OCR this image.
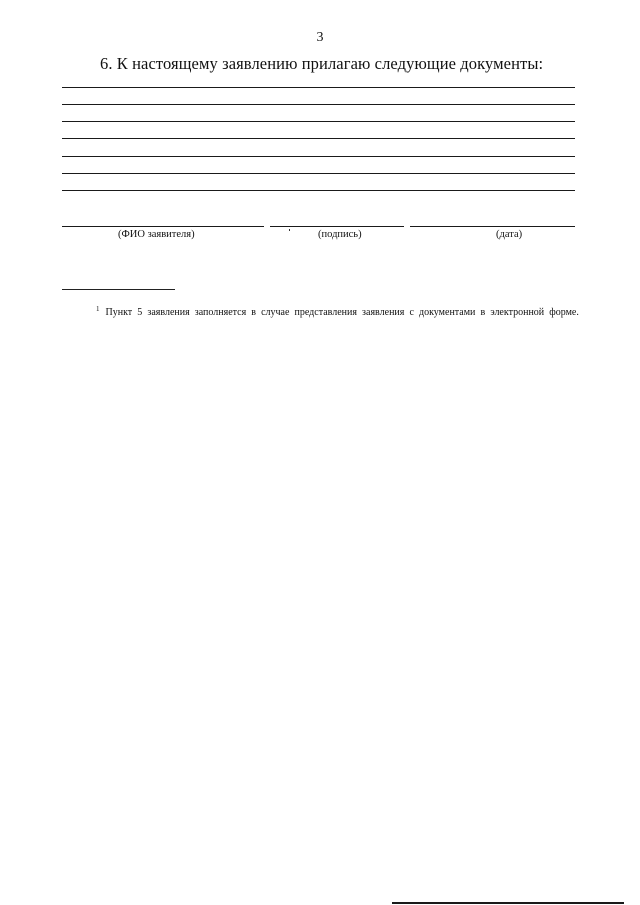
3
6. К настоящему заявлению прилагаю следующие документы:
(ФИО заявителя)	(подпись)	(дата)
$^1$ Пункт 5 заявления заполняется в случае представления заявления с документами в электронной форме.
